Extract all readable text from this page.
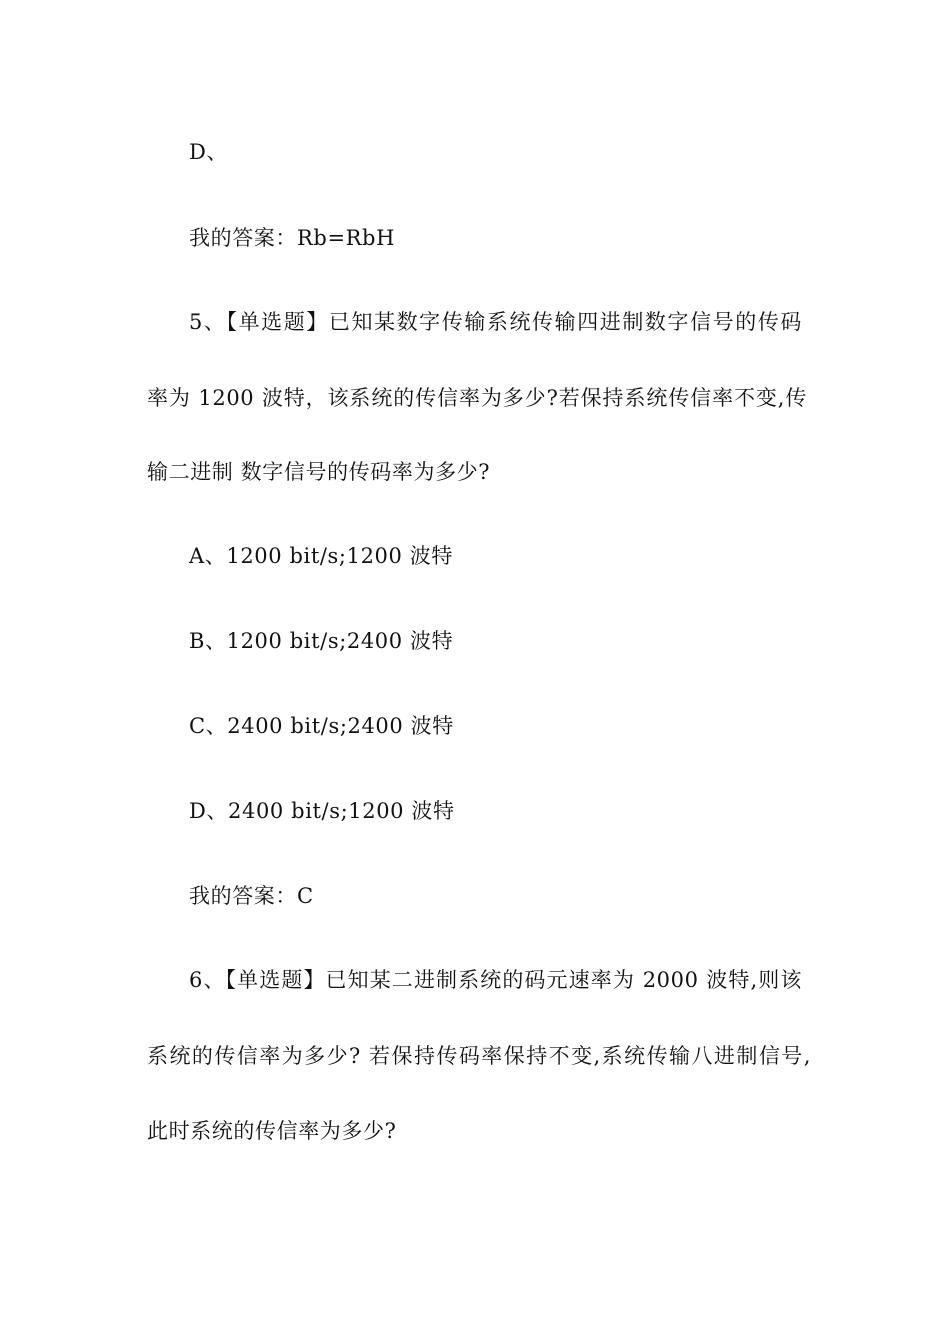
D、
我的答案：Rb=RbH
5、【单选题】已知某数字传输系统传输四进制数字信号的传码
率为 1200 波特，该系统的传信率为多少?若保持系统传信率不变,传
输二进制 数字信号的传码率为多少?
A、1200 bit/s;1200 波特
B、1200 bit/s;2400 波特
C、2400 bit/s;2400 波特
D、2400 bit/s;1200 波特
我的答案：C
6、【单选题】已知某二进制系统的码元速率为 2000 波特,则该
系统的传信率为多少? 若保持传码率保持不变,系统传输八进制信号,
此时系统的传信率为多少?
